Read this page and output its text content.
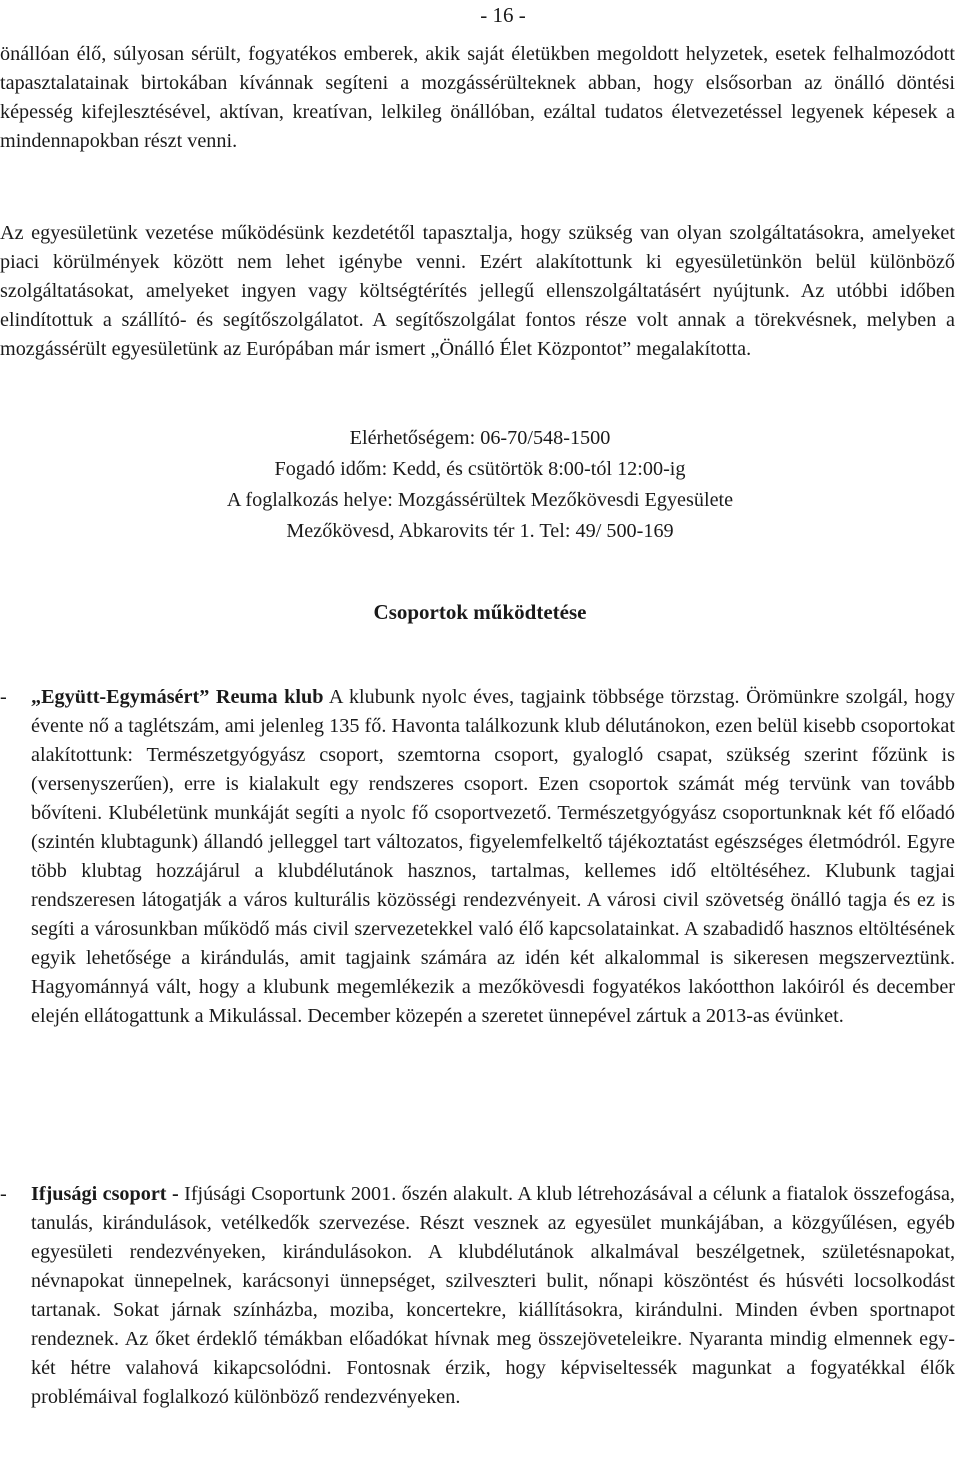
- 16 -

önállóan élő, súlyosan sérült, fogyatékos emberek, akik saját életükben megoldott helyzetek, esetek felhalmozódott tapasztalatainak birtokában kívánnak segíteni a mozgássérülteknek abban, hogy elsősorban az önálló döntési képesség kifejlesztésével, aktívan, kreatívan, lelkileg önállóban, ezáltal tudatos életvezetéssel legyenek képesek a mindennapokban részt venni.

Az egyesületünk vezetése működésünk kezdetétől tapasztalja, hogy szükség van olyan szolgáltatásokra, amelyeket piaci körülmények között nem lehet igénybe venni. Ezért alakítottunk ki egyesületünkön belül különböző szolgáltatásokat, amelyeket ingyen vagy költségtérítés jellegű ellenszolgáltatásért nyújtunk. Az utóbbi időben elindítottuk a szállító- és segítőszolgálatot. A segítőszolgálat fontos része volt annak a törekvésnek, melyben a mozgássérült egyesületünk az Európában már ismert „Önálló Élet Központot” megalakította.

Elérhetőségem: 06-70/548-1500
Fogadó időm: Kedd, és csütörtök 8:00-tól 12:00-ig
A foglalkozás helye: Mozgássérültek Mezőkövesdi Egyesülete
Mezőkövesd, Abkarovits tér 1. Tel: 49/ 500-169
Csoportok működtetése
- „Együtt-Egymásért” Reuma klub A klubunk nyolc éves, tagjaink többsége törzstag. Örömünkre szolgál, hogy évente nő a taglétszám, ami jelenleg 135 fő. Havonta találkozunk klub délutánokon, ezen belül kisebb csoportokat alakítottunk: Természetgyógyász csoport, szemtorna csoport, gyalogló csapat, szükség szerint főzünk is (versenyszerűen), erre is kialakult egy rendszeres csoport. Ezen csoportok számát még tervünk van tovább bővíteni. Klubéletünk munkáját segíti a nyolc fő csoportvezető. Természetgyógyász csoportunknak két fő előadó (szintén klubtagunk) állandó jelleggel tart változatos, figyelemfelkeltő tájékoztatást egészséges életmódról. Egyre több klubtag hozzájárul a klubdélutánok hasznos, tartalmas, kellemes idő eltöltéséhez. Klubunk tagjai rendszeresen látogatják a város kulturális közösségi rendezvényeit. A városi civil szövetség önálló tagja és ez is segíti a városunkban működő más civil szervezetekkel való élő kapcsolatainkat. A szabadidő hasznos eltöltésének egyik lehetősége a kirándulás, amit tagjaink számára az idén két alkalommal is sikeresen megszerveztünk. Hagyománnyá vált, hogy a klubunk megemlékezik a mezőkövesdi fogyatékos lakóotthon lakóiról és december elején ellátogattunk a Mikulással. December közepén a szeretet ünnepével zártuk a 2013-as évünket.
- Ifjusági csoport - Ifjúsági Csoportunk 2001. őszén alakult. A klub létrehozásával a célunk a fiatalok összefogása, tanulás, kirándulások, vetélkedők szervezése. Részt vesznek az egyesület munkájában, a közgyűlésen, egyéb egyesületi rendezvényeken, kirándulásokon. A klubdélutánok alkalmával beszélgetnek, születésnapokat, névnapokat ünnepelnek, karácsonyi ünnepséget, szilveszteri bulit, nőnapi köszöntést és húsvéti locsolkodást tartanak. Sokat járnak színházba, moziba, koncertekre, kiállításokra, kirándulni. Minden évben sportnapot rendeznek. Az őket érdeklő témákban előadókat hívnak meg összejöveteleikre. Nyaranta mindig elmennek egy-két hétre valahová kikapcsolódni. Fontosnak érzik, hogy képviseltessék magunkat a fogyatékkal élők problémáival foglalkozó különböző rendezvényeken.
